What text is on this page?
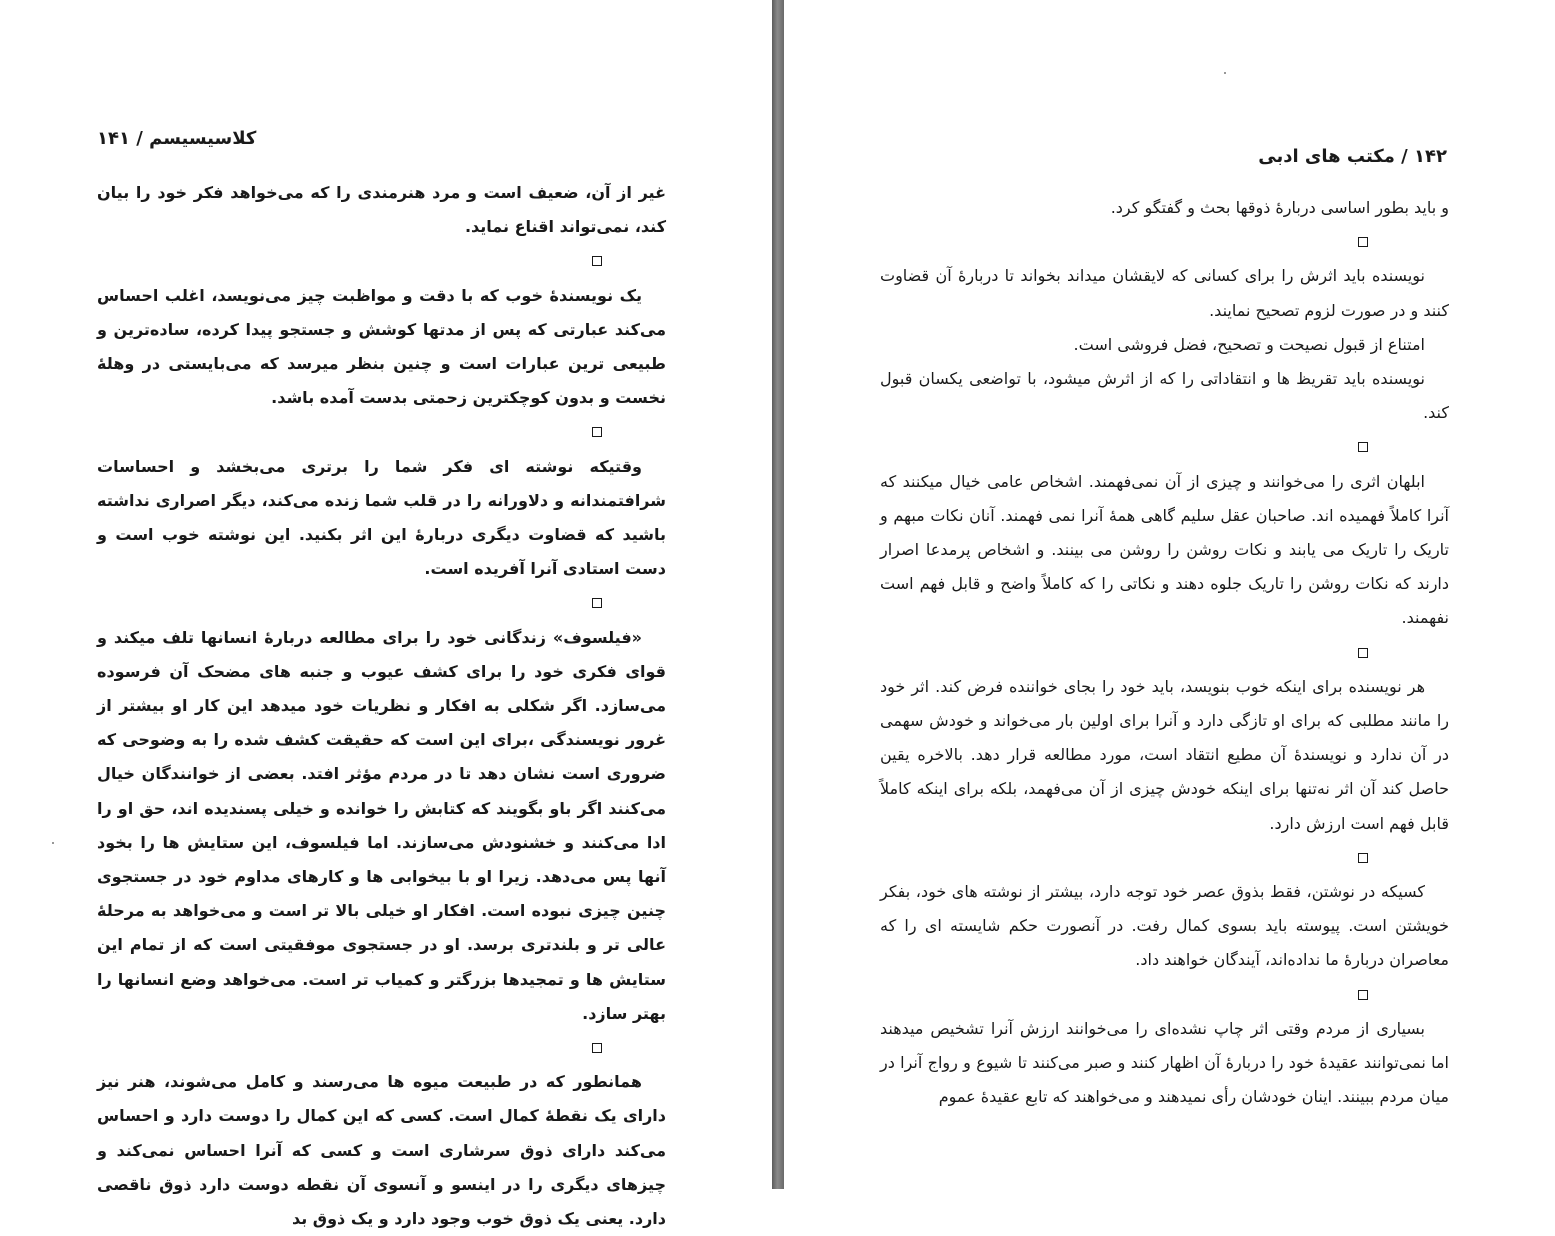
کلاسیسیسم / ۱۴۱

غیر از آن، ضعیف است و مرد هنرمندی را که می‌خواهد فکر خود را بیان کند، نمی‌تواند اقناع نماید.

یک نویسندهٔ خوب که با دقت و مواظبت چیز می‌نویسد، اغلب احساس می‌کند عبارتی که پس از مدتها کوشش و جستجو پیدا کرده، ساده‌ترین و طبیعی ترین عبارات است و چنین بنظر میرسد که می‌بایستی در وهلهٔ نخست و بدون کوچکترین زحمتی بدست آمده باشد.

وقتیکه نوشته ای فکر شما را برتری می‌بخشد و احساسات شرافتمندانه و دلاورانه را در قلب شما زنده می‌کند، دیگر اصراری نداشته باشید که قضاوت دیگری دربارهٔ این اثر بکنید. این نوشته خوب است و دست استادی آنرا آفریده است.

«فیلسوف» زندگانی خود را برای مطالعه دربارهٔ انسانها تلف میکند و قوای فکری خود را برای کشف عیوب و جنبه های مضحک آن فرسوده می‌سازد. اگر شکلی به افکار و نظریات خود میدهد این کار او بیشتر از غرور نویسندگی ،برای این است که حقیقت کشف شده را به وضوحی که ضروری است نشان دهد تا در مردم مؤثر افتد. بعضی از خوانندگان خیال می‌کنند اگر باو بگویند که کتابش را خوانده و خیلی پسندیده اند، حق او را ادا می‌کنند و خشنودش می‌سازند. اما فیلسوف، این ستایش ها را بخود آنها پس می‌دهد. زیرا او با بیخوابی ها و کارهای مداوم خود در جستجوی چنین چیزی نبوده است. افکار او خیلی بالا تر است و می‌خواهد به مرحلهٔ عالی تر و بلندتری برسد. او در جستجوی موفقیتی است که از تمام این ستایش ها و تمجیدها بزرگتر و کمیاب تر است. می‌خواهد وضع انسانها را بهتر سازد.

همانطور که در طبیعت میوه ها می‌رسند و کامل می‌شوند، هنر نیز دارای یک نقطهٔ کمال است. کسی که این کمال را دوست دارد و احساس می‌کند دارای ذوق سرشاری است و کسی که آنرا احساس نمی‌کند و چیزهای دیگری را در اینسو و آنسوی آن نقطه دوست دارد ذوق ناقصی دارد. یعنی یک ذوق خوب وجود دارد و یک ذوق بد

۱۴۲ / مکتب های ادبی

و باید بطور اساسی دربارهٔ ذوقها بحث و گفتگو کرد.

نویسنده باید اثرش را برای کسانی که لایقشان میداند بخواند تا دربارهٔ آن قضاوت کنند و در صورت لزوم تصحیح نمایند.

امتناع از قبول نصیحت و تصحیح، فضل فروشی است.

نویسنده باید تقریظ ها و انتقاداتی را که از اثرش میشود، با تواضعی یکسان قبول کند.

ابلهان اثری را می‌خوانند و چیزی از آن نمی‌فهمند. اشخاص عامی خیال میکنند که آنرا کاملاً فهمیده اند. صاحبان عقل سلیم گاهی همهٔ آنرا نمی فهمند. آنان نکات مبهم و تاریک را تاریک می یابند و نکات روشن را روشن می بینند. و اشخاص پرمدعا اصرار دارند که نکات روشن را تاریک جلوه دهند و نکاتی را که کاملاً واضح و قابل فهم است نفهمند.

هر نویسنده برای اینکه خوب بنویسد، باید خود را بجای خواننده فرض کند. اثر خود را مانند مطلبی که برای او تازگی دارد و آنرا برای اولین بار می‌خواند و خودش سهمی در آن ندارد و نویسندهٔ آن مطیع انتقاد است، مورد مطالعه قرار دهد. بالاخره یقین حاصل کند آن اثر نه‌تنها برای اینکه خودش چیزی از آن می‌فهمد، بلکه برای اینکه کاملاً قابل فهم است ارزش دارد.

کسیکه در نوشتن، فقط بذوق عصر خود توجه دارد، بیشتر از نوشته های خود، بفکر خویشتن است. پیوسته باید بسوی کمال رفت. در آنصورت حکم شایسته ای را که معاصران دربارهٔ ما نداده‌اند، آیندگان خواهند داد.

بسیاری از مردم وقتی اثر چاپ نشده‌ای را می‌خوانند ارزش آنرا تشخیص میدهند اما نمی‌توانند عقیدهٔ خود را دربارهٔ آن اظهار کنند و صبر می‌کنند تا شیوع و رواج آنرا در میان مردم ببینند. اینان خودشان رأی نمیدهند و می‌خواهند که تابع عقیدهٔ عموم
